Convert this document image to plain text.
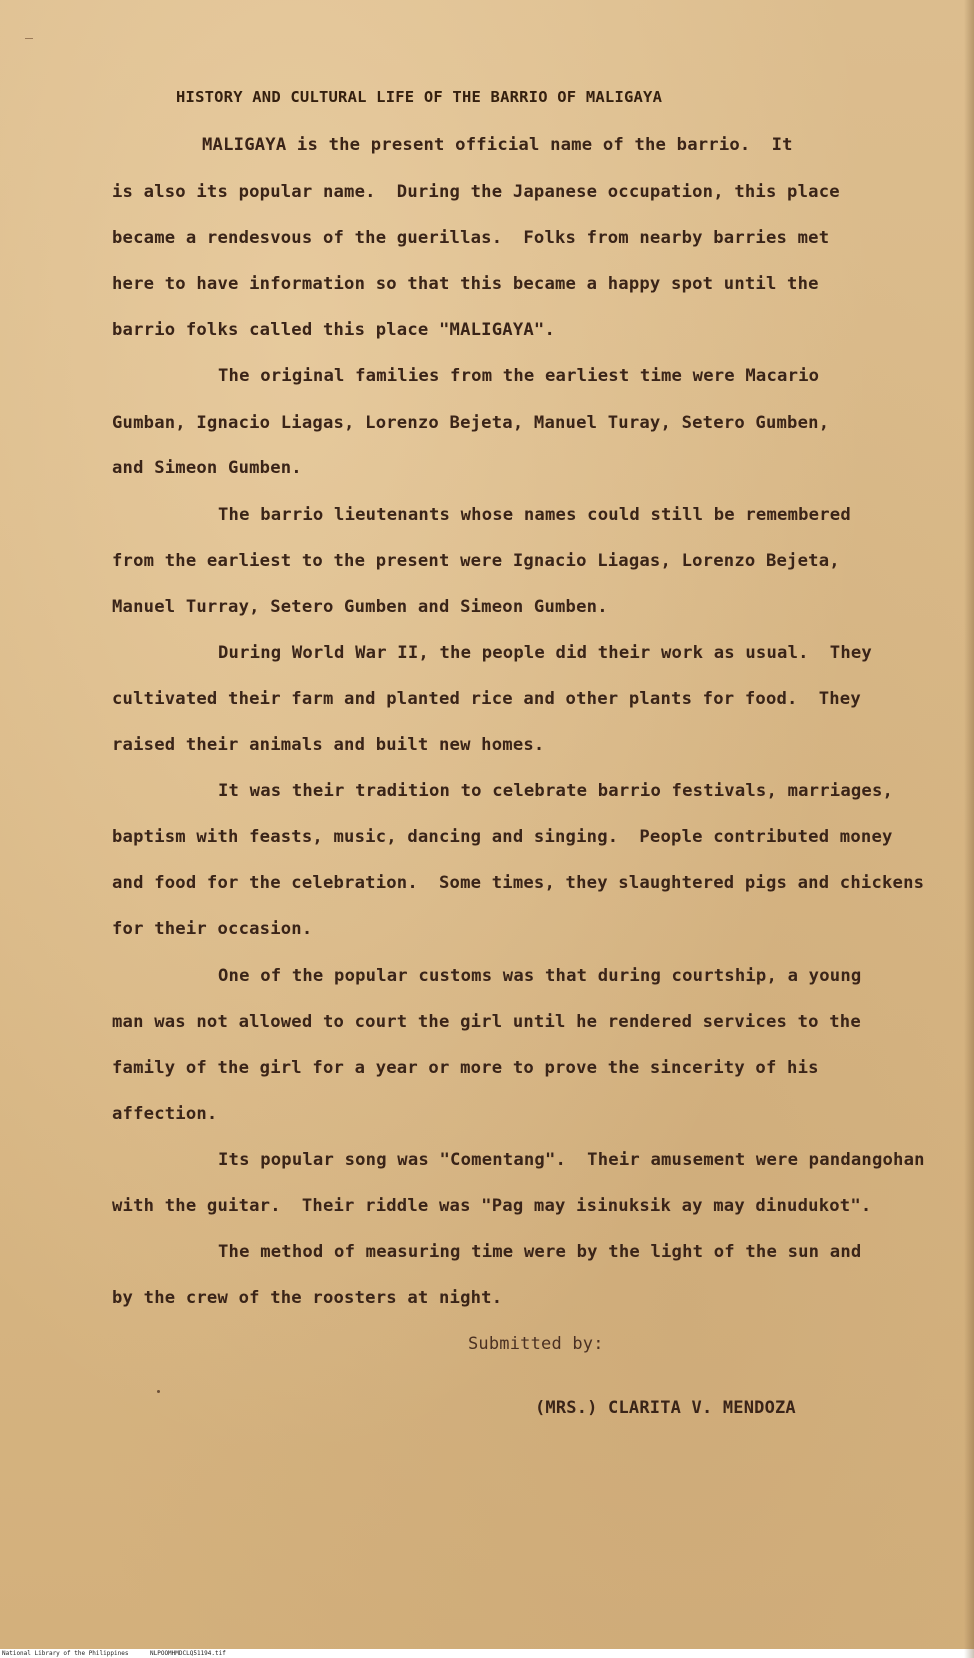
HISTORY AND CULTURAL LIFE OF THE BARRIO OF MALIGAYA

MALIGAYA is the present official name of the barrio.  It

is also its popular name.  During the Japanese occupation, this place

became a rendesvous of the guerillas.  Folks from nearby barries met

here to have information so that this became a happy spot until the

barrio folks called this place "MALIGAYA".

The original families from the earliest time were Macario

Gumban, Ignacio Liagas, Lorenzo Bejeta, Manuel Turay, Setero Gumben,

and Simeon Gumben.

The barrio lieutenants whose names could still be remembered

from the earliest to the present were Ignacio Liagas, Lorenzo Bejeta,

Manuel Turray, Setero Gumben and Simeon Gumben.

During World War II, the people did their work as usual.  They

cultivated their farm and planted rice and other plants for food.  They

raised their animals and built new homes.

It was their tradition to celebrate barrio festivals, marriages,

baptism with feasts, music, dancing and singing.  People contributed money

and food for the celebration.  Some times, they slaughtered pigs and chickens

for their occasion.

One of the popular customs was that during courtship, a young

man was not allowed to court the girl until he rendered services to the

family of the girl for a year or more to prove the sincerity of his

affection.

Its popular song was "Comentang".  Their amusement were pandangohan

with the guitar.  Their riddle was "Pag may isinuksik ay may dinudukot".

The method of measuring time were by the light of the sun and

by the crew of the roosters at night.

Submitted by:

(MRS.) CLARITA V. MENDOZA

National Library of the Philippines	NLPOOMHMDCLQ51194.tif
